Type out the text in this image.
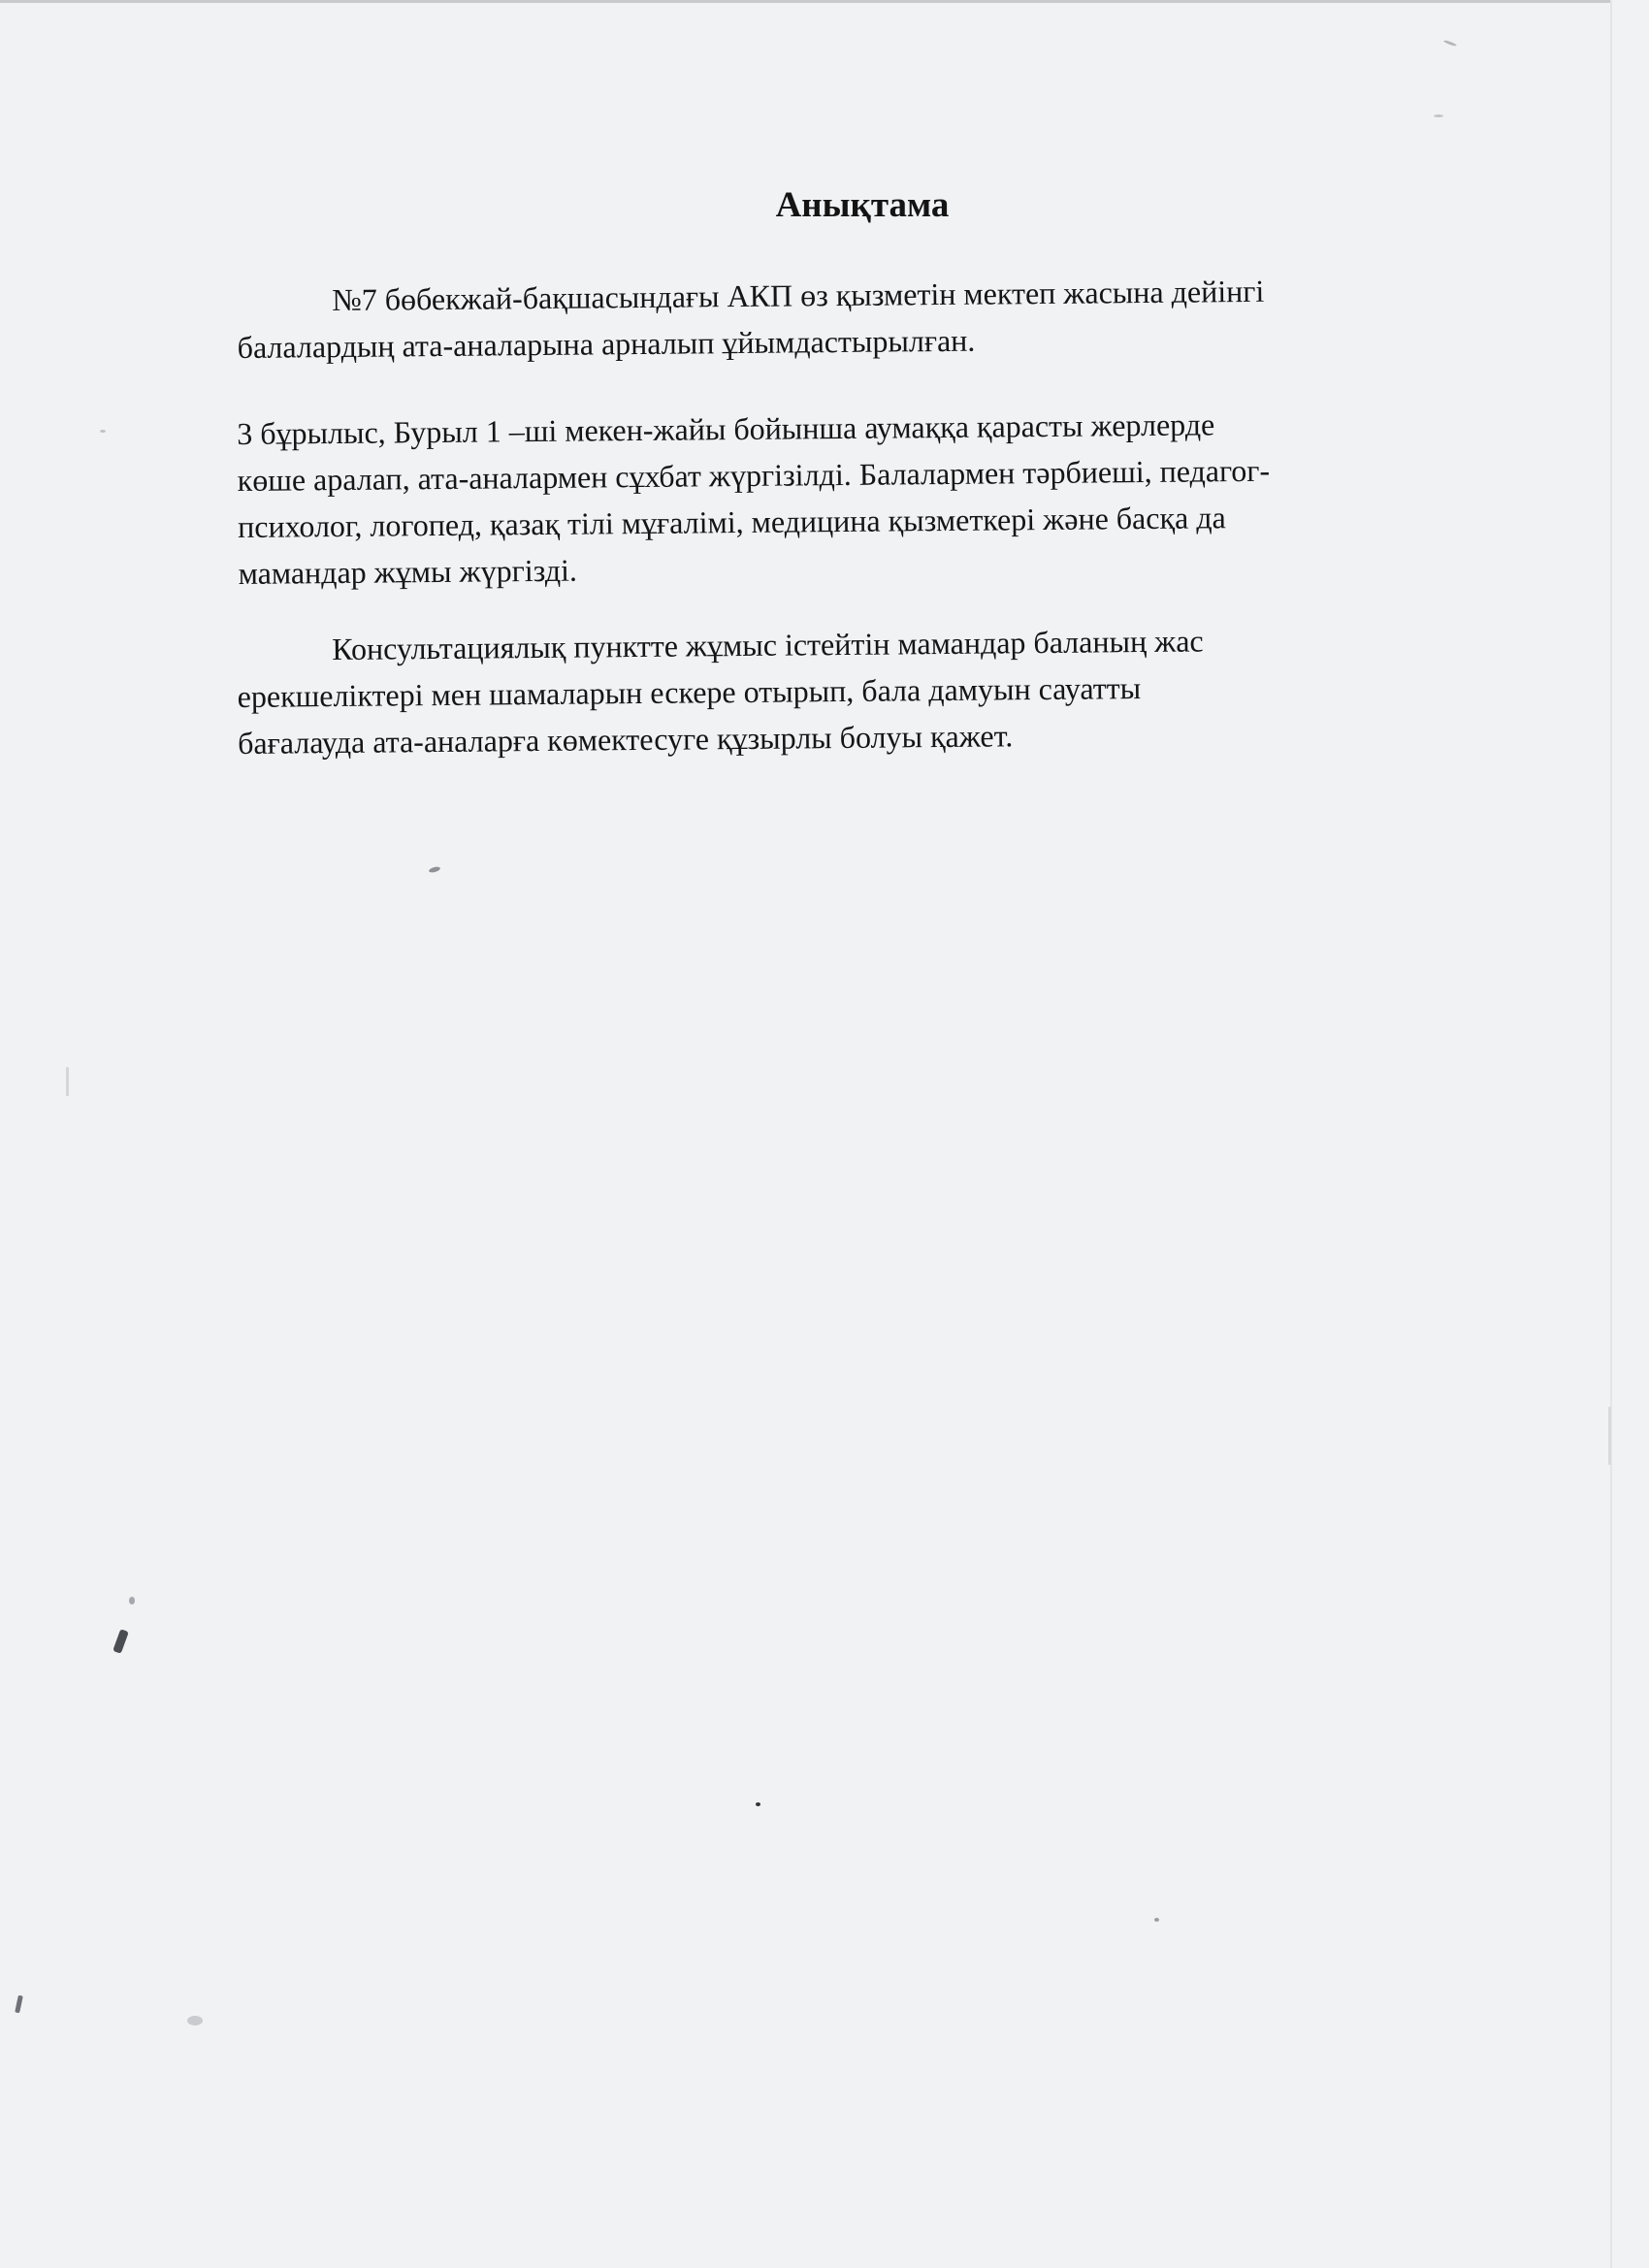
Анықтама
№7 бөбекжай-бақшасындағы АКП өз қызметін мектеп жасына дейінгі
балалардың ата-аналарына арналып ұйымдастырылған.
3 бұрылыс, Бурыл 1 –ші мекен-жайы бойынша аумаққа қарасты жерлерде
көше аралап, ата-аналармен сұхбат жүргізілді. Балалармен тәрбиеші, педагог-
психолог, логопед, қазақ тілі мұғалімі, медицина қызметкері және басқа да
мамандар жұмы жүргізді.
Консультациялық пунктте жұмыс істейтін мамандар баланың жас
ерекшеліктері мен шамаларын ескере отырып, бала дамуын сауатты
бағалауда ата-аналарға көмектесуге құзырлы болуы қажет.
